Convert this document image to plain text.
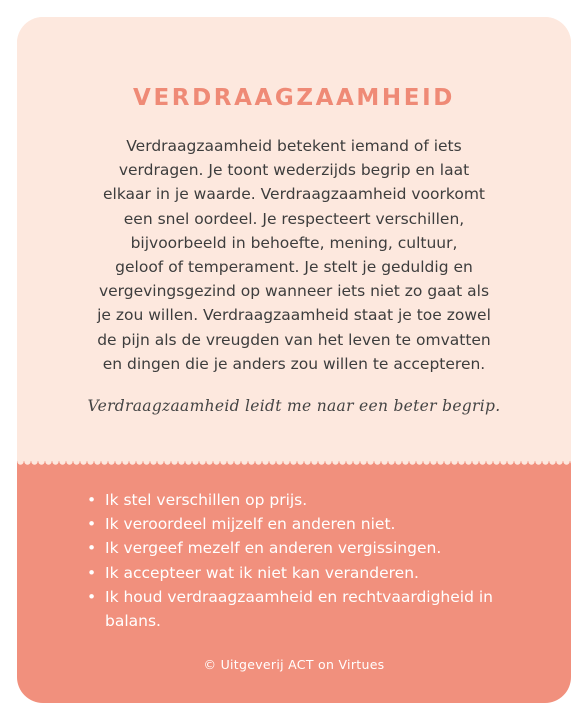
VERDRAAGZAAMHEID

Verdraagzaamheid betekent iemand of iets
verdragen. Je toont wederzijds begrip en laat
elkaar in je waarde. Verdraagzaamheid voorkomt
een snel oordeel. Je respecteert verschillen,
bijvoorbeeld in behoefte, mening, cultuur,
geloof of temperament. Je stelt je geduldig en
vergevingsgezind op wanneer iets niet zo gaat als
je zou willen. Verdraagzaamheid staat je toe zowel
de pijn als de vreugden van het leven te omvatten
en dingen die je anders zou willen te accepteren.

Verdraagzaamheid leidt me naar een beter begrip.

• Ik stel verschillen op prijs.
• Ik veroordeel mijzelf en anderen niet.
• Ik vergeef mezelf en anderen vergissingen.
• Ik accepteer wat ik niet kan veranderen.
• Ik houd verdraagzaamheid en rechtvaardigheid in balans.

© Uitgeverij ACT on Virtues
